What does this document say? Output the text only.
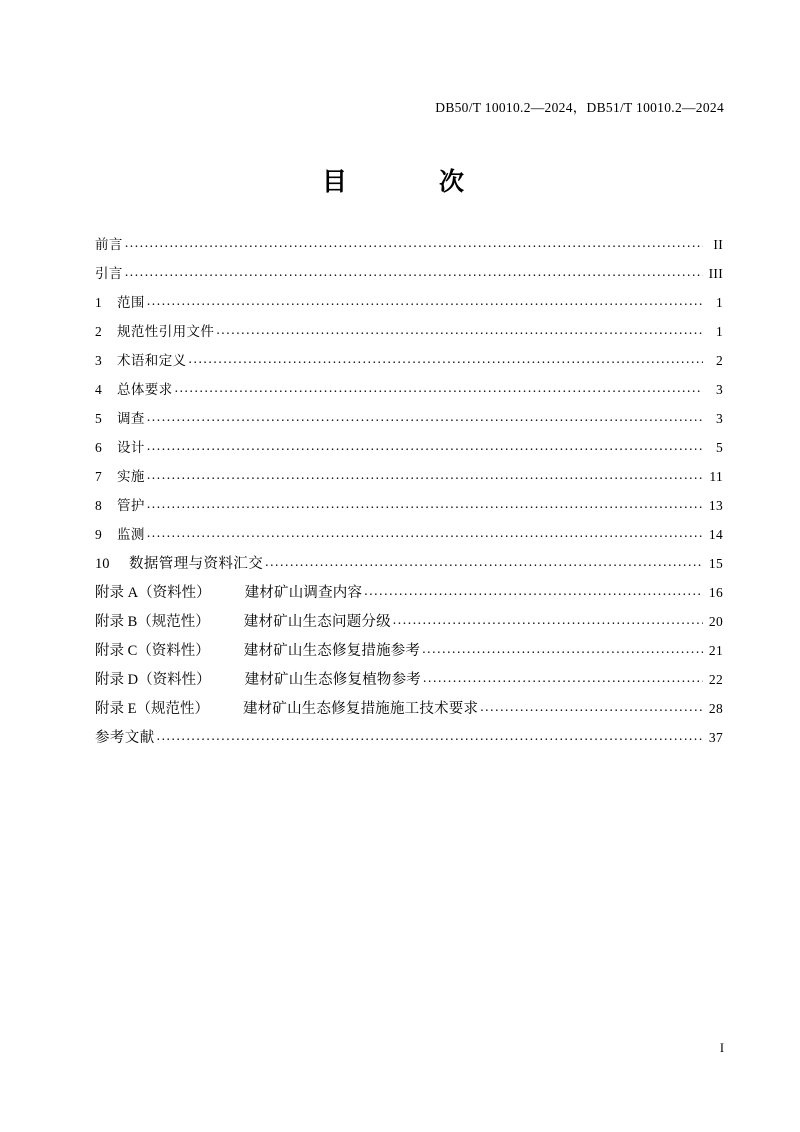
DB50/T 10010.2—2024，DB51/T 10010.2—2024
目　　次
前言 .....	II
引言 .....	III
1	范围 .....	1
2	规范性引用文件 .....	1
3	术语和定义 .....	2
4	总体要求 .....	3
5	调查 .....	3
6	设计 .....	5
7	实施 .....	11
8	管护 .....	13
9	监测 .....	14
10	数据管理与资料汇交 .....	15
附录 A（资料性） 建材矿山调查内容 .....	16
附录 B（规范性） 建材矿山生态问题分级 .....	20
附录 C（资料性） 建材矿山生态修复措施参考 .....	21
附录 D（资料性） 建材矿山生态修复植物参考 .....	22
附录 E（规范性） 建材矿山生态修复措施施工技术要求 .....	28
参考文献 .....	37
I
